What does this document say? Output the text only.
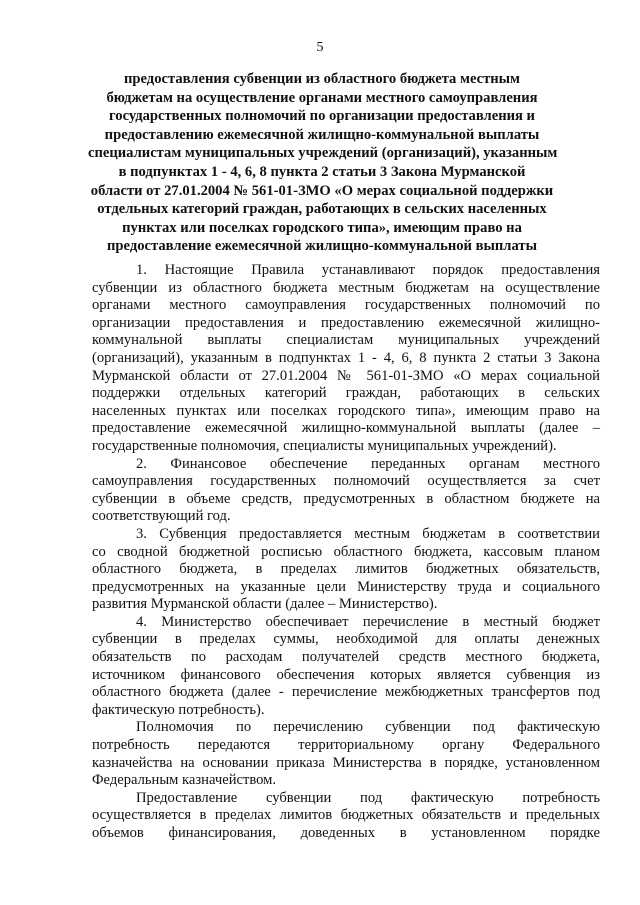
5
предоставления субвенции из областного бюджета местным
бюджетам на осуществление органами местного самоуправления
государственных полномочий по организации предоставления и
предоставлению ежемесячной жилищно-коммунальной выплаты
специалистам муниципальных учреждений (организаций), указанным
в подпунктах 1 - 4, 6, 8 пункта 2 статьи 3 Закона Мурманской
области от 27.01.2004 № 561-01-ЗМО «О мерах социальной поддержки
отдельных категорий граждан, работающих в сельских населенных
пунктах или поселках городского типа», имеющим право на
предоставление ежемесячной жилищно-коммунальной выплаты
1. Настоящие Правила устанавливают порядок предоставления
субвенции из областного бюджета местным бюджетам на осуществление
органами местного самоуправления государственных полномочий по
организации предоставления и предоставлению ежемесячной жилищно-
коммунальной выплаты специалистам муниципальных учреждений
(организаций), указанным в подпунктах 1 - 4, 6, 8 пункта 2 статьи 3 Закона
Мурманской области от 27.01.2004 № 561-01-ЗМО «О мерах социальной
поддержки отдельных категорий граждан, работающих в сельских
населенных пунктах или поселках городского типа», имеющим право на
предоставление ежемесячной жилищно-коммунальной выплаты (далее –
государственные полномочия, специалисты муниципальных учреждений).
2. Финансовое обеспечение переданных органам местного
самоуправления государственных полномочий осуществляется за счет
субвенции в объеме средств, предусмотренных в областном бюджете на
соответствующий год.
3. Субвенция предоставляется местным бюджетам в соответствии
со сводной бюджетной росписью областного бюджета, кассовым планом
областного бюджета, в пределах лимитов бюджетных обязательств,
предусмотренных на указанные цели Министерству труда и социального
развития Мурманской области (далее – Министерство).
4. Министерство обеспечивает перечисление в местный бюджет
субвенции в пределах суммы, необходимой для оплаты денежных
обязательств по расходам получателей средств местного бюджета,
источником финансового обеспечения которых является субвенция из
областного бюджета (далее - перечисление межбюджетных трансфертов под
фактическую потребность).
Полномочия по перечислению субвенции под фактическую
потребность передаются территориальному органу Федерального
казначейства на основании приказа Министерства в порядке, установленном
Федеральным казначейством.
Предоставление субвенции под фактическую потребность
осуществляется в пределах лимитов бюджетных обязательств и предельных
объемов финансирования, доведенных в установленном порядке
